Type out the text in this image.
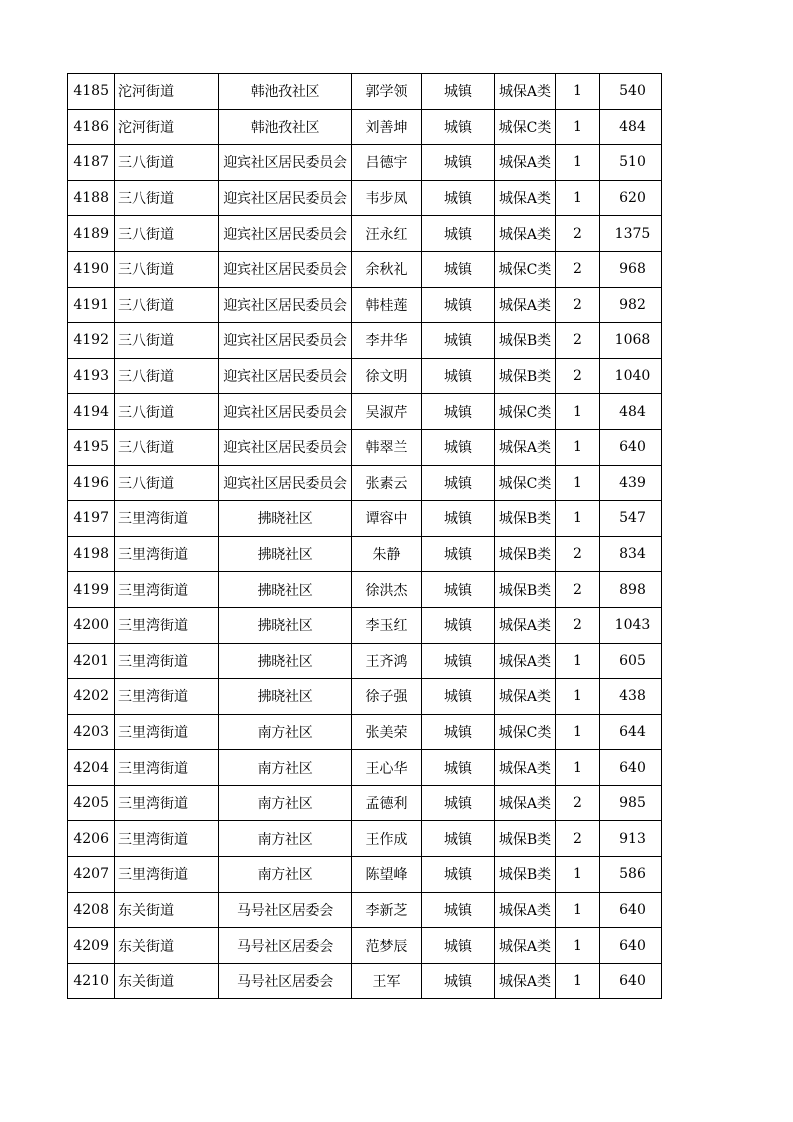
4185	沱河街道	韩池孜社区	郭学领	城镇	城保A类	1	540
4186	沱河街道	韩池孜社区	刘善坤	城镇	城保C类	1	484
4187	三八街道	迎宾社区居民委员会	吕德宇	城镇	城保A类	1	510
4188	三八街道	迎宾社区居民委员会	韦步凤	城镇	城保A类	1	620
4189	三八街道	迎宾社区居民委员会	汪永红	城镇	城保A类	2	1375
4190	三八街道	迎宾社区居民委员会	余秋礼	城镇	城保C类	2	968
4191	三八街道	迎宾社区居民委员会	韩桂莲	城镇	城保A类	2	982
4192	三八街道	迎宾社区居民委员会	李井华	城镇	城保B类	2	1068
4193	三八街道	迎宾社区居民委员会	徐文明	城镇	城保B类	2	1040
4194	三八街道	迎宾社区居民委员会	吴淑芹	城镇	城保C类	1	484
4195	三八街道	迎宾社区居民委员会	韩翠兰	城镇	城保A类	1	640
4196	三八街道	迎宾社区居民委员会	张素云	城镇	城保C类	1	439
4197	三里湾街道	拂晓社区	谭容中	城镇	城保B类	1	547
4198	三里湾街道	拂晓社区	朱静	城镇	城保B类	2	834
4199	三里湾街道	拂晓社区	徐洪杰	城镇	城保B类	2	898
4200	三里湾街道	拂晓社区	李玉红	城镇	城保A类	2	1043
4201	三里湾街道	拂晓社区	王齐鸿	城镇	城保A类	1	605
4202	三里湾街道	拂晓社区	徐子强	城镇	城保A类	1	438
4203	三里湾街道	南方社区	张美荣	城镇	城保C类	1	644
4204	三里湾街道	南方社区	王心华	城镇	城保A类	1	640
4205	三里湾街道	南方社区	孟德利	城镇	城保A类	2	985
4206	三里湾街道	南方社区	王作成	城镇	城保B类	2	913
4207	三里湾街道	南方社区	陈望峰	城镇	城保B类	1	586
4208	东关街道	马号社区居委会	李新芝	城镇	城保A类	1	640
4209	东关街道	马号社区居委会	范梦辰	城镇	城保A类	1	640
4210	东关街道	马号社区居委会	王军	城镇	城保A类	1	640
